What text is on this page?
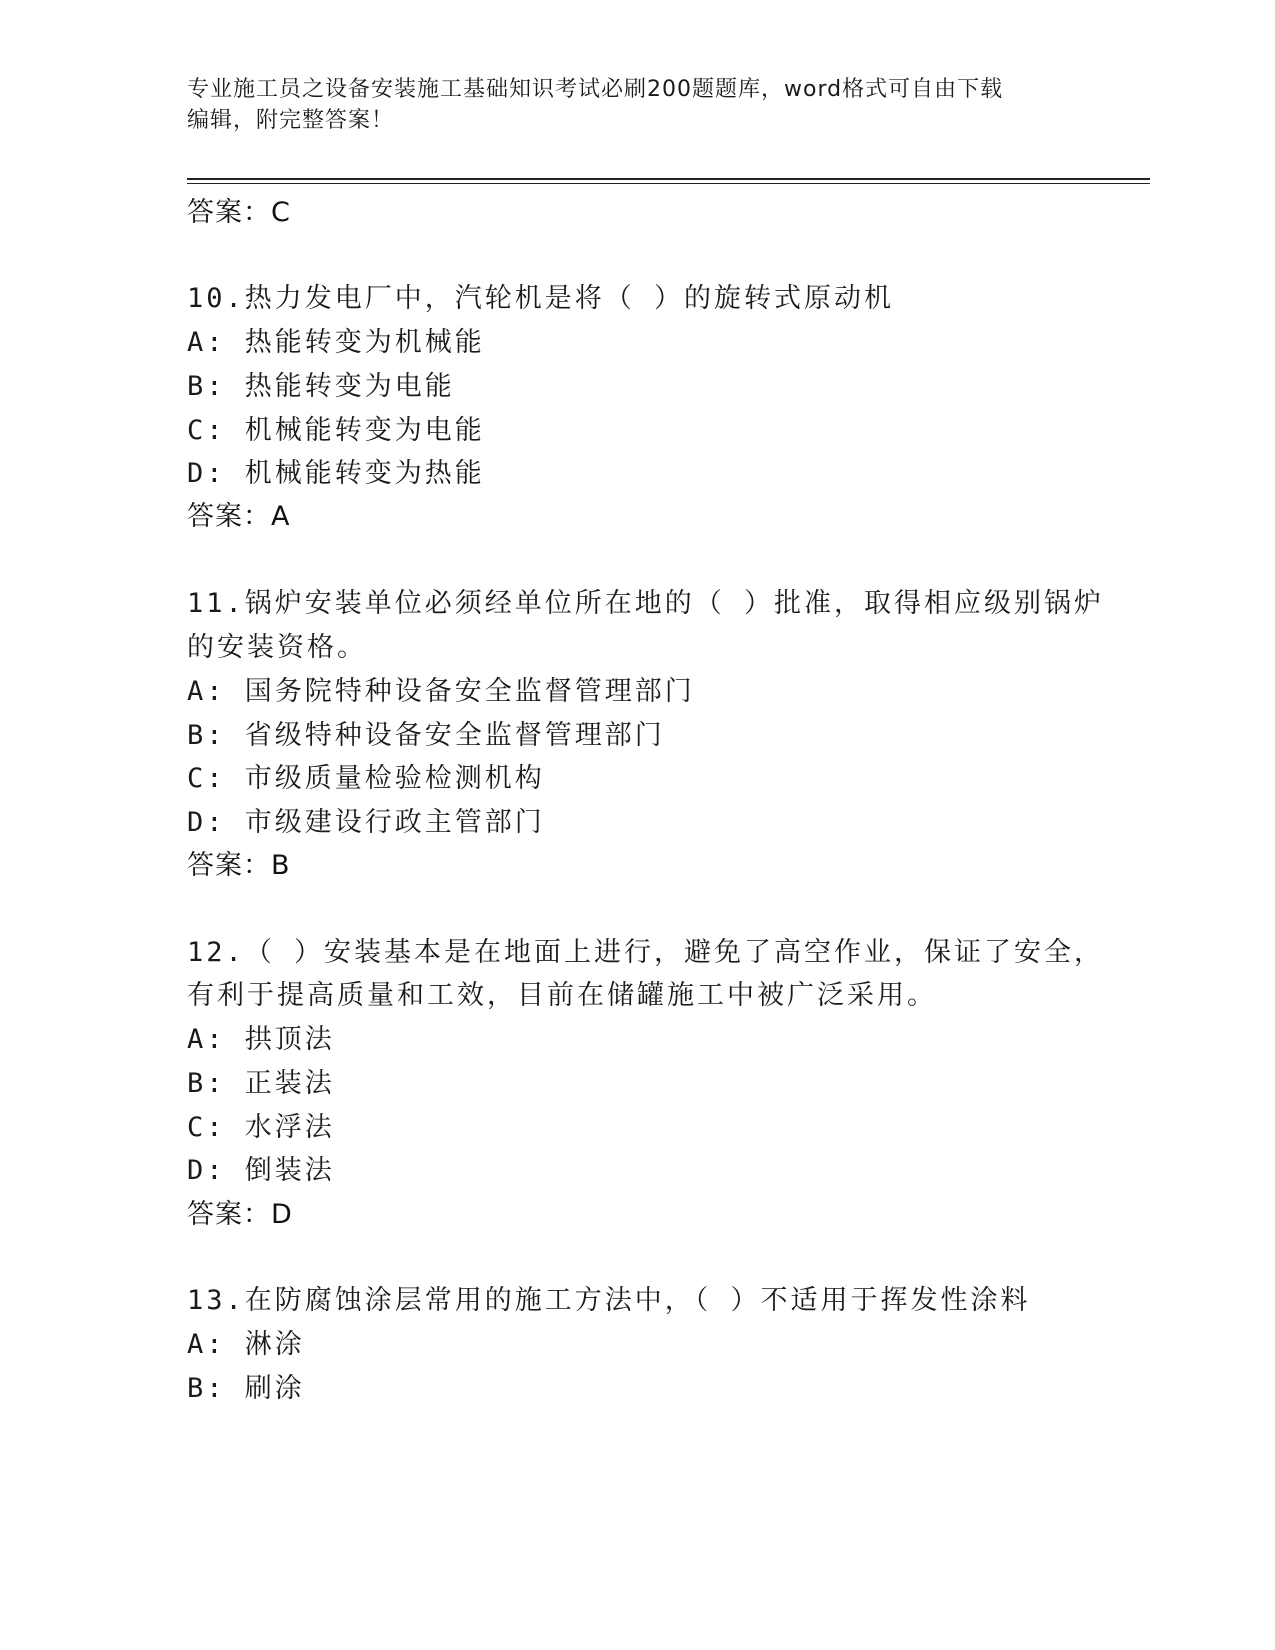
专业施工员之设备安装施工基础知识考试必刷200题题库，word格式可自由下载
编辑，附完整答案！
答案：C
10.热力发电厂中，汽轮机是将（ ）的旋转式原动机
A: 热能转变为机械能
B: 热能转变为电能
C: 机械能转变为电能
D: 机械能转变为热能
答案：A
11.锅炉安装单位必须经单位所在地的（ ）批准，取得相应级别锅炉
的安装资格。
A: 国务院特种设备安全监督管理部门
B: 省级特种设备安全监督管理部门
C: 市级质量检验检测机构
D: 市级建设行政主管部门
答案：B
12.（ ）安装基本是在地面上进行，避免了高空作业，保证了安全，
有利于提高质量和工效，目前在储罐施工中被广泛采用。
A: 拱顶法
B: 正装法
C: 水浮法
D: 倒装法
答案：D
13.在防腐蚀涂层常用的施工方法中，（ ）不适用于挥发性涂料
A: 淋涂
B: 刷涂
